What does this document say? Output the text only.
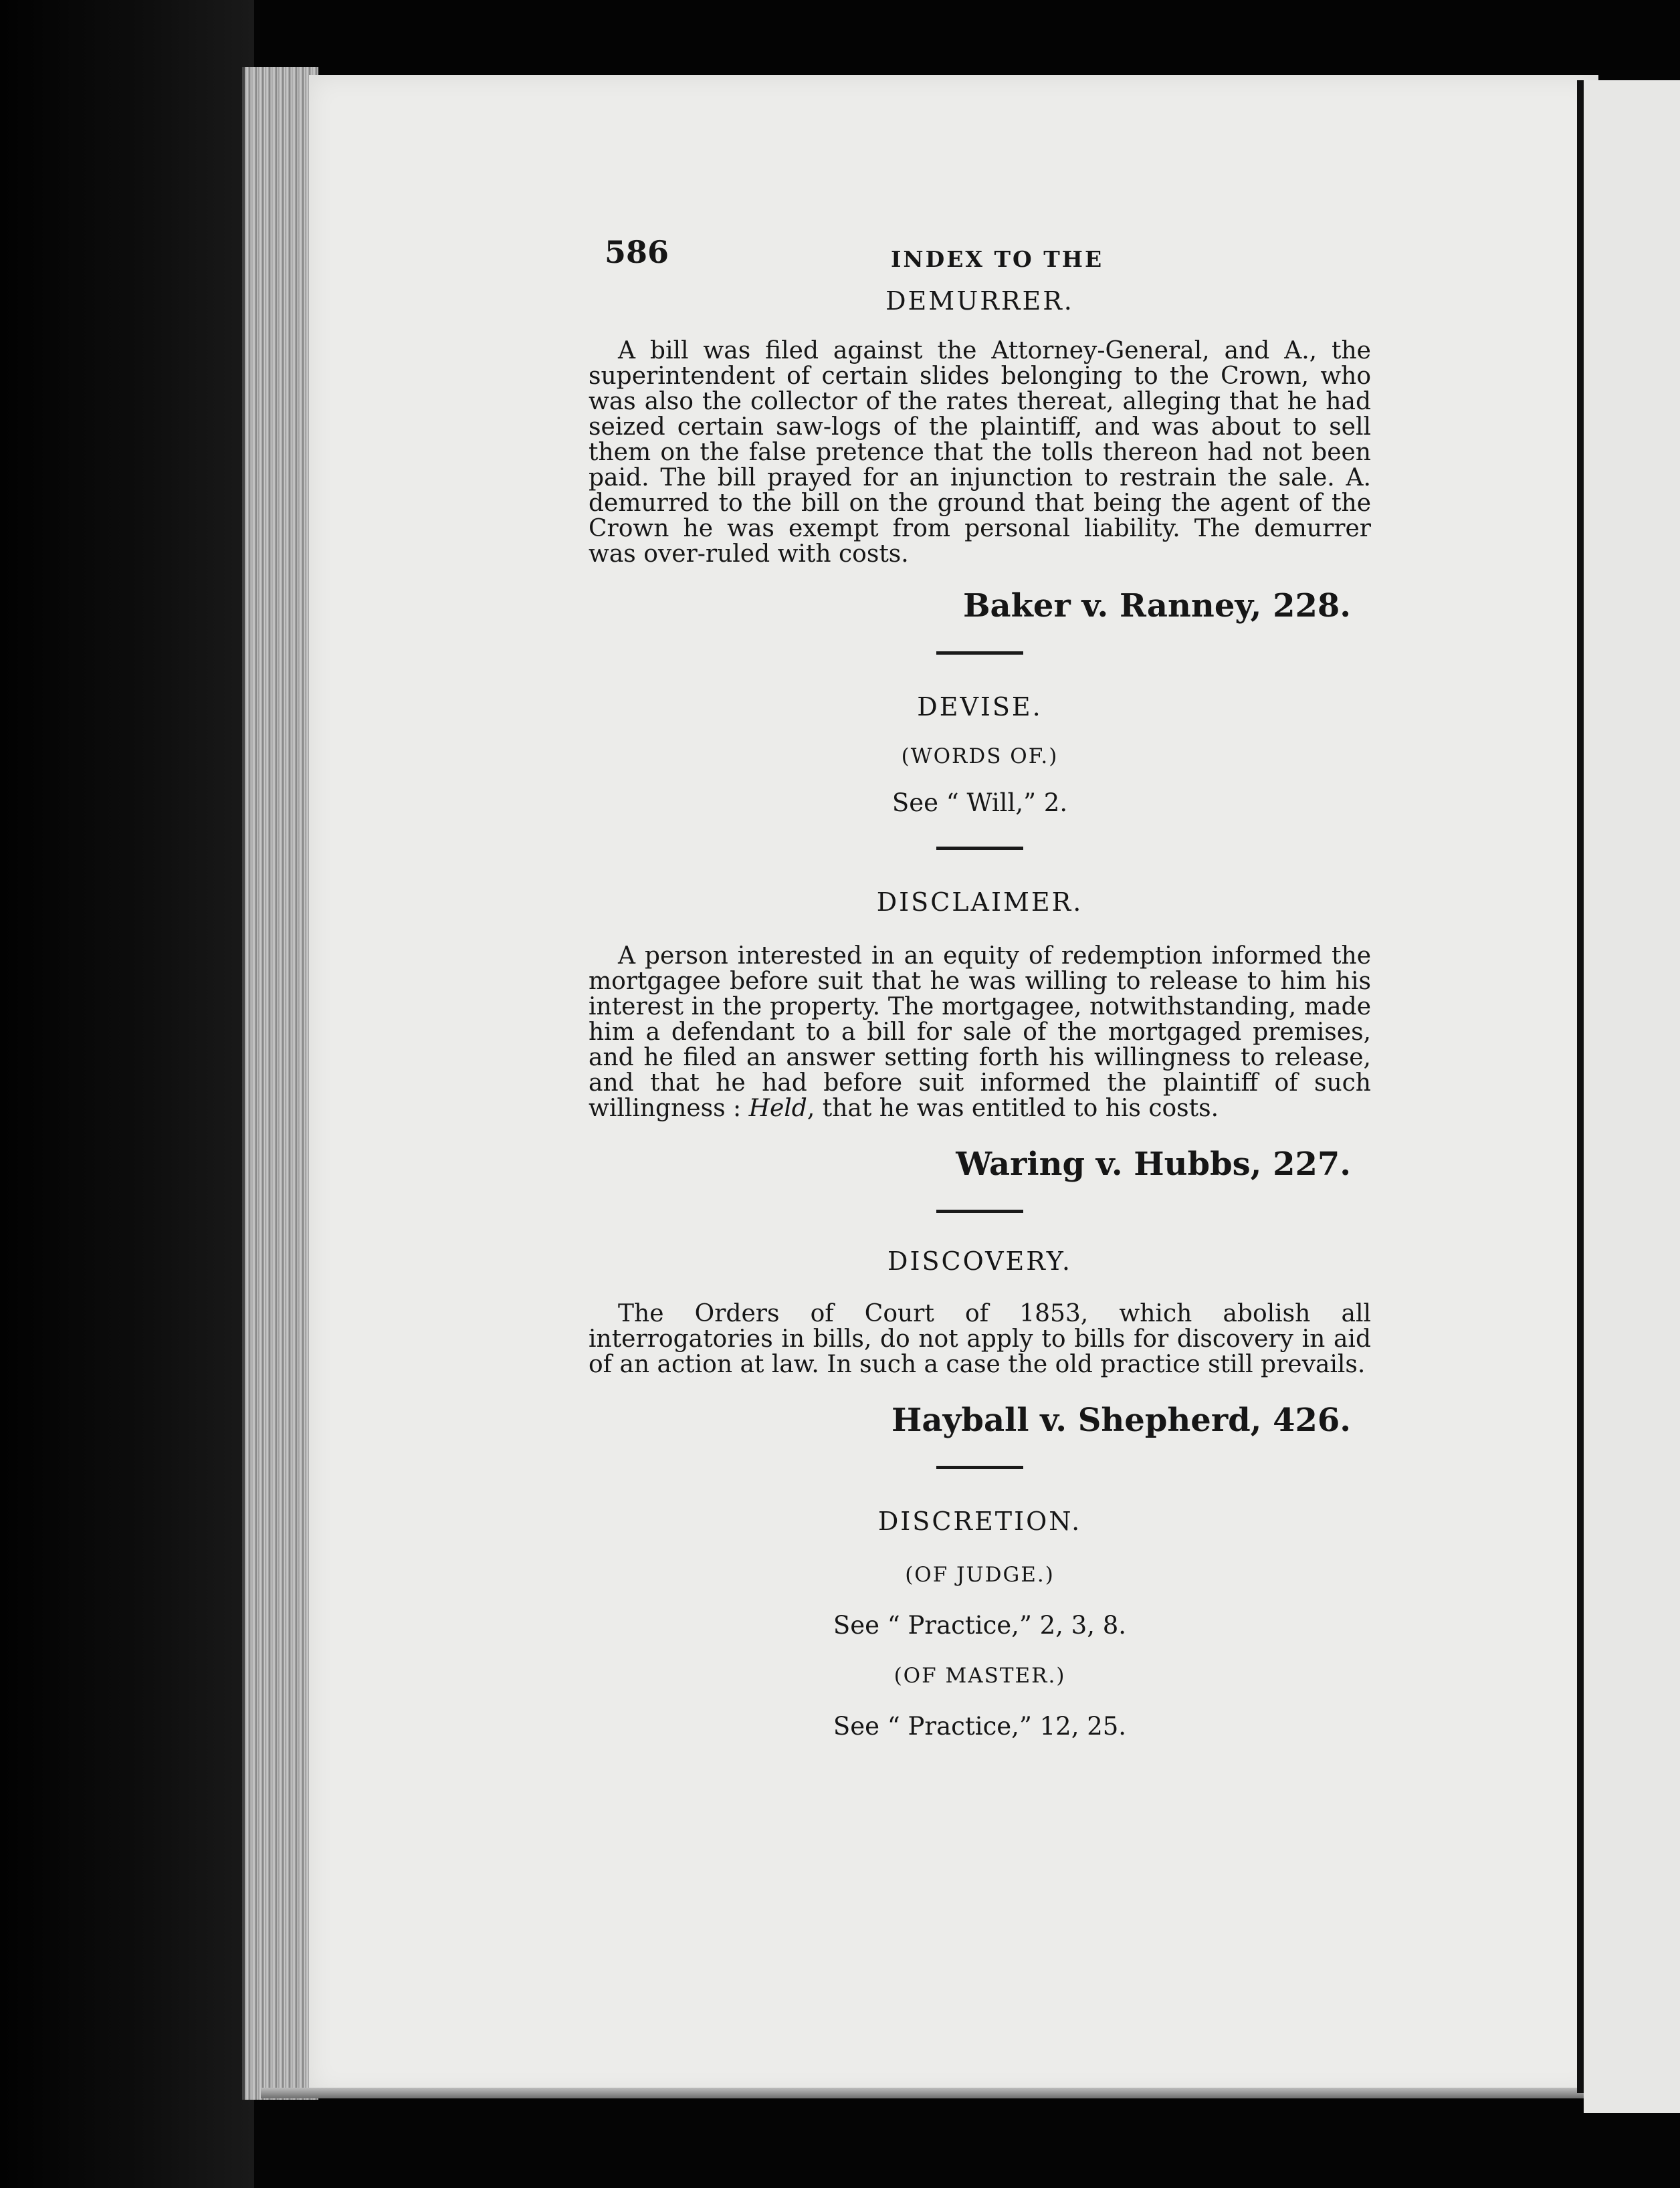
586	INDEX TO THE
DEMURRER.

A bill was filed against the Attorney-General, and A., the superintendent of certain slides belonging to the Crown, who was also the collector of the rates thereat, alleging that he had seized certain saw-logs of the plaintiff, and was about to sell them on the false pretence that the tolls thereon had not been paid. The bill prayed for an injunction to restrain the sale. A. demurred to the bill on the ground that being the agent of the Crown he was exempt from personal liability. The demurrer was over-ruled with costs.

Baker v. Ranney, 228.

DEVISE.

(WORDS OF.)

See “ Will,” 2.

DISCLAIMER.

A person interested in an equity of redemption informed the mortgagee before suit that he was willing to release to him his interest in the property. The mortgagee, notwithstanding, made him a defendant to a bill for sale of the mortgaged premises, and he filed an answer setting forth his willingness to release, and that he had before suit informed the plaintiff of such willingness : Held, that he was entitled to his costs.

Waring v. Hubbs, 227.

DISCOVERY.

The Orders of Court of 1853, which abolish all interrogatories in bills, do not apply to bills for discovery in aid of an action at law. In such a case the old practice still prevails.

Hayball v. Shepherd, 426.

DISCRETION.

(OF JUDGE.)

See “ Practice,” 2, 3, 8.

(OF MASTER.)

See “ Practice,” 12, 25.
